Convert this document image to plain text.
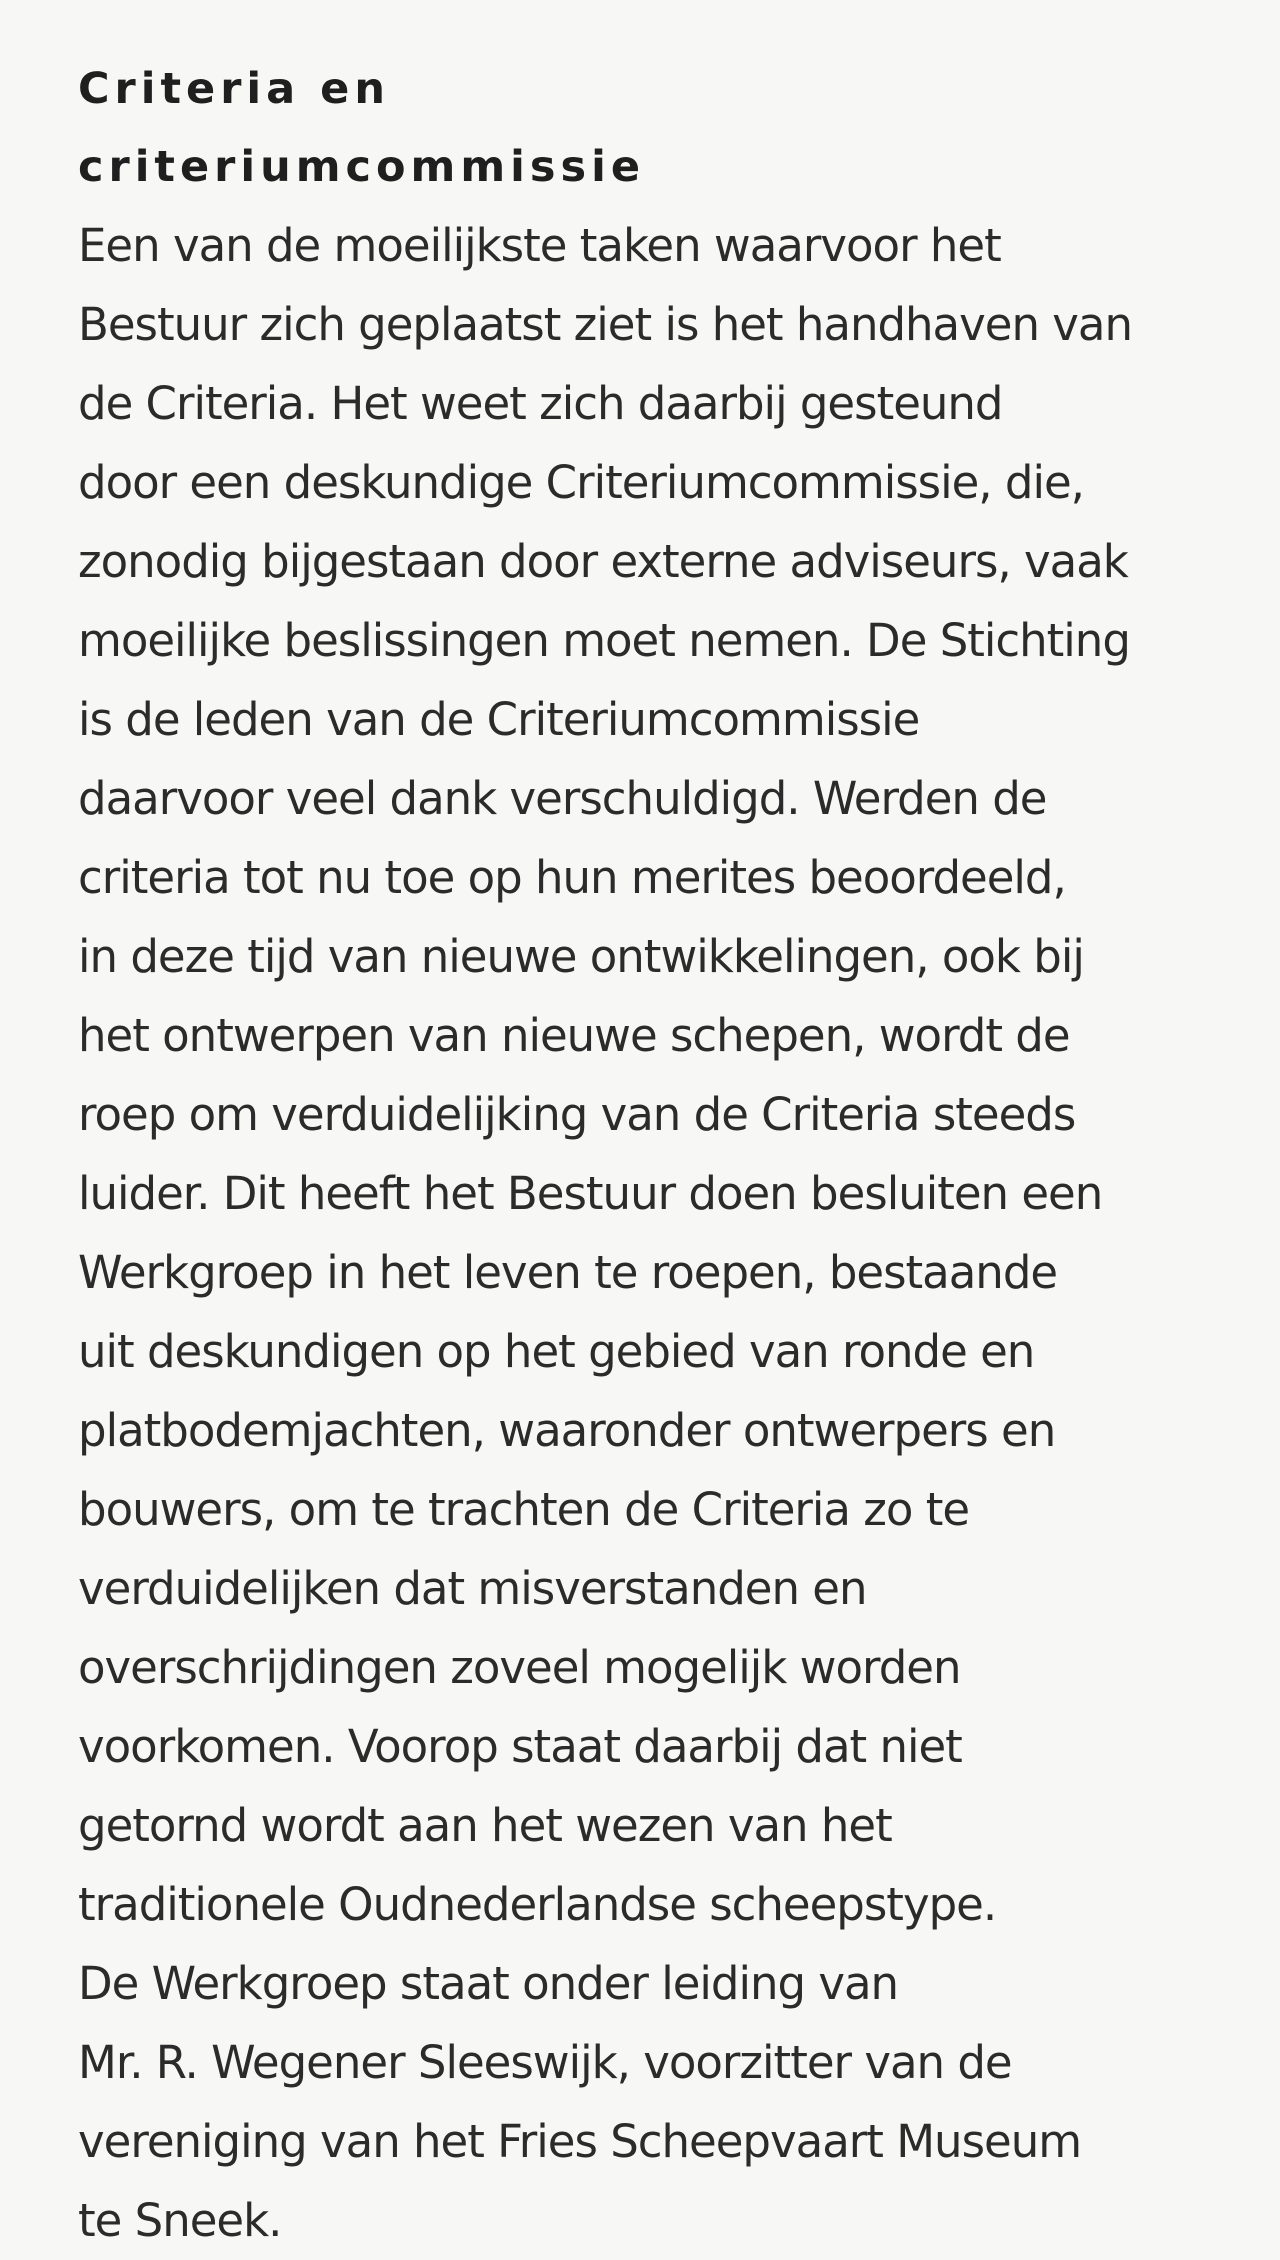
Criteria en
criteriumcommissie

Een van de moeilijkste taken waarvoor het
Bestuur zich geplaatst ziet is het handhaven van
de Criteria. Het weet zich daarbij gesteund
door een deskundige Criteriumcommissie, die,
zonodig bijgestaan door externe adviseurs, vaak
moeilijke beslissingen moet nemen. De Stichting
is de leden van de Criteriumcommissie
daarvoor veel dank verschuldigd. Werden de
criteria tot nu toe op hun merites beoordeeld,
in deze tijd van nieuwe ontwikkelingen, ook bij
het ontwerpen van nieuwe schepen, wordt de
roep om verduidelijking van de Criteria steeds
luider. Dit heeft het Bestuur doen besluiten een
Werkgroep in het leven te roepen, bestaande
uit deskundigen op het gebied van ronde en
platbodemjachten, waaronder ontwerpers en
bouwers, om te trachten de Criteria zo te
verduidelijken dat misverstanden en
overschrijdingen zoveel mogelijk worden
voorkomen. Voorop staat daarbij dat niet
getornd wordt aan het wezen van het
traditionele Oudnederlandse scheepstype.
De Werkgroep staat onder leiding van
Mr. R. Wegener Sleeswijk, voorzitter van de
vereniging van het Fries Scheepvaart Museum
te Sneek.
